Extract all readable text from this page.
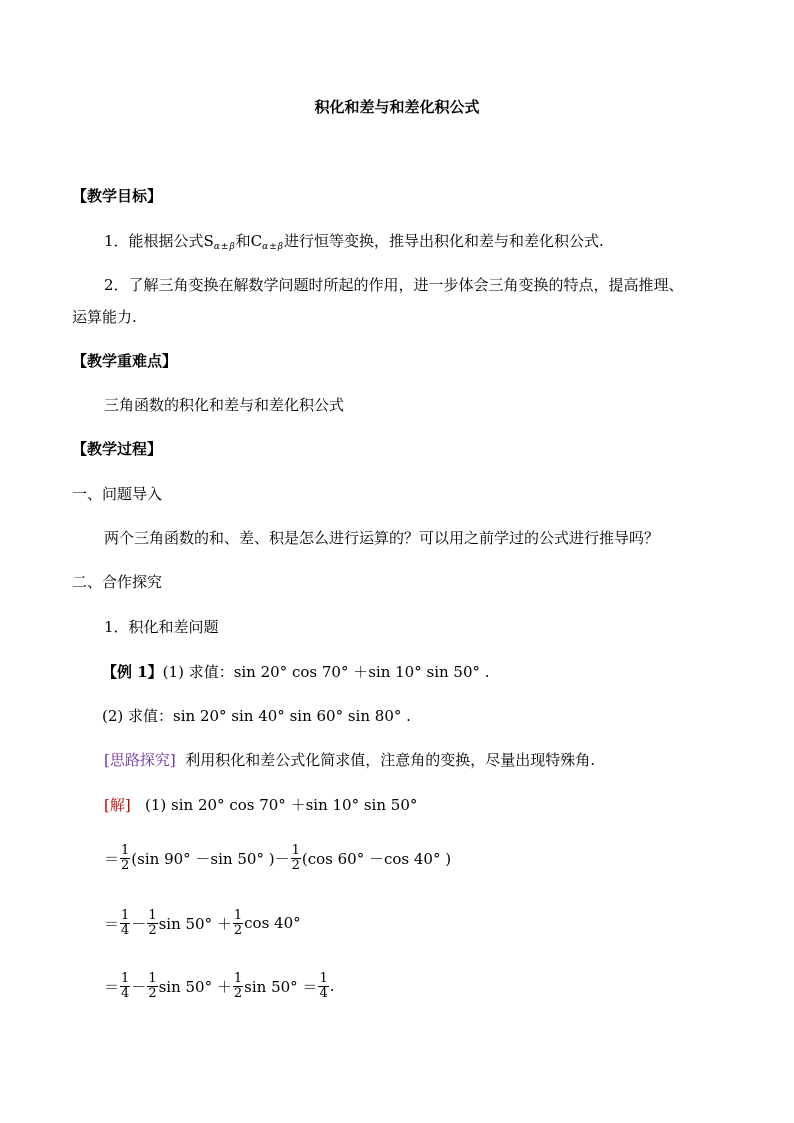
积化和差与和差化积公式
【教学目标】
1．能根据公式$S_{\alpha\pm\beta}$和$C_{\alpha\pm\beta}$进行恒等变换，推导出积化和差与和差化积公式.
2．了解三角变换在解数学问题时所起的作用，进一步体会三角变换的特点，提高推理、
运算能力.
【教学重难点】
三角函数的积化和差与和差化积公式
【教学过程】
一、问题导入
两个三角函数的和、差、积是怎么进行运算的？可以用之前学过的公式进行推导吗？
二、合作探究
1．积化和差问题
【例 1】(1) 求值：sin 20° cos 70° ＋sin 10° sin 50° .
(2) 求值：sin 20° sin 40° sin 60° sin 80° .
[思路探究] 利用积化和差公式化简求值，注意角的变换，尽量出现特殊角.
[解] (1) sin 20° cos 70° ＋sin 10° sin 50°
＝ $\frac{1}{2} (\sin$ 90° －sin 50° ) － $\frac{1}{2} (\cos$ 60° －cos 40° )
＝ $\frac{1}{4} - \frac{1}{2}$ $\sin 50^\circ + \frac{1}{2}$ cos 40°
＝ $\frac{1}{4} - \frac{1}{2}$ $\sin 50^\circ + \frac{1}{2}$ $\sin 50^\circ = \frac{1}{4}$ .
